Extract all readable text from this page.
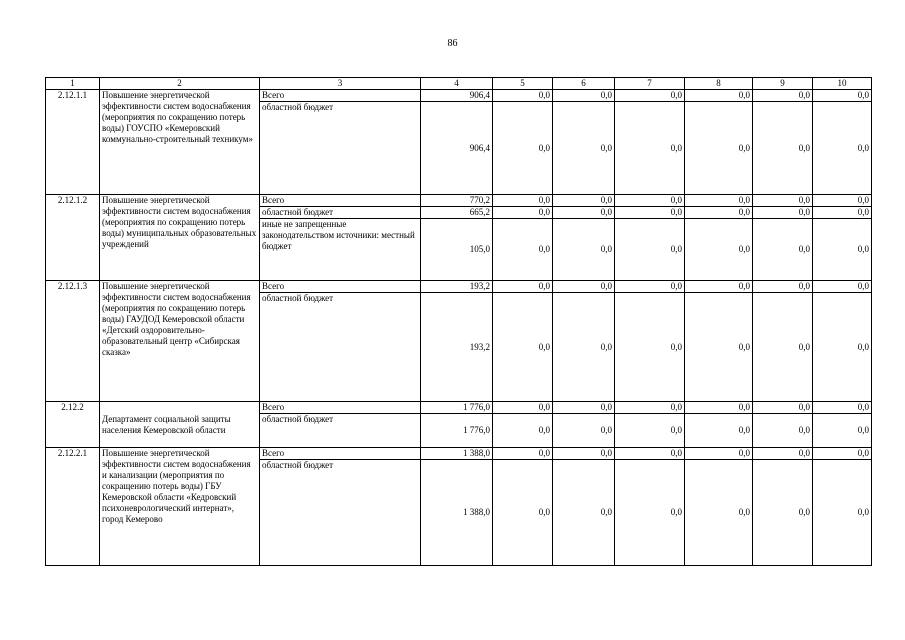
86
1	2	3	4	5	6	7	8	9	10
2.12.1.1	Повышение энергетической эффективности систем водоснабжения (мероприятия по сокращению потерь воды) ГОУСПО «Кемеровский коммунально-строительный техникум»	Всего	906,4	0,0	0,0	0,0	0,0	0,0	0,0
		областной бюджет	906,4	0,0	0,0	0,0	0,0	0,0	0,0
2.12.1.2	Повышение энергетической эффективности систем водоснабжения (мероприятия по сокращению потерь воды) муниципальных образовательных учреждений	Всего	770,2	0,0	0,0	0,0	0,0	0,0	0,0
		областной бюджет	665,2	0,0	0,0	0,0	0,0	0,0	0,0
		иные не запрещенные законодательством источники: местный бюджет	105,0	0,0	0,0	0,0	0,0	0,0	0,0
2.12.1.3	Повышение энергетической эффективности систем водоснабжения (мероприятия по сокращению потерь воды) ГАУДОД Кемеровской области «Детский оздоровительно-образовательный центр «Сибирская сказка»	Всего	193,2	0,0	0,0	0,0	0,0	0,0	0,0
		областной бюджет	193,2	0,0	0,0	0,0	0,0	0,0	0,0
2.12.2	Департамент социальной защиты населения Кемеровской области	Всего	1 776,0	0,0	0,0	0,0	0,0	0,0	0,0
		областной бюджет	1 776,0	0,0	0,0	0,0	0,0	0,0	0,0
2.12.2.1	Повышение энергетической эффективности систем водоснабжения и канализации (мероприятия по сокращению потерь воды) ГБУ Кемеровской области «Кедровский психоневрологический интернат», город Кемерово	Всего	1 388,0	0,0	0,0	0,0	0,0	0,0	0,0
		областной бюджет	1 388,0	0,0	0,0	0,0	0,0	0,0	0,0
